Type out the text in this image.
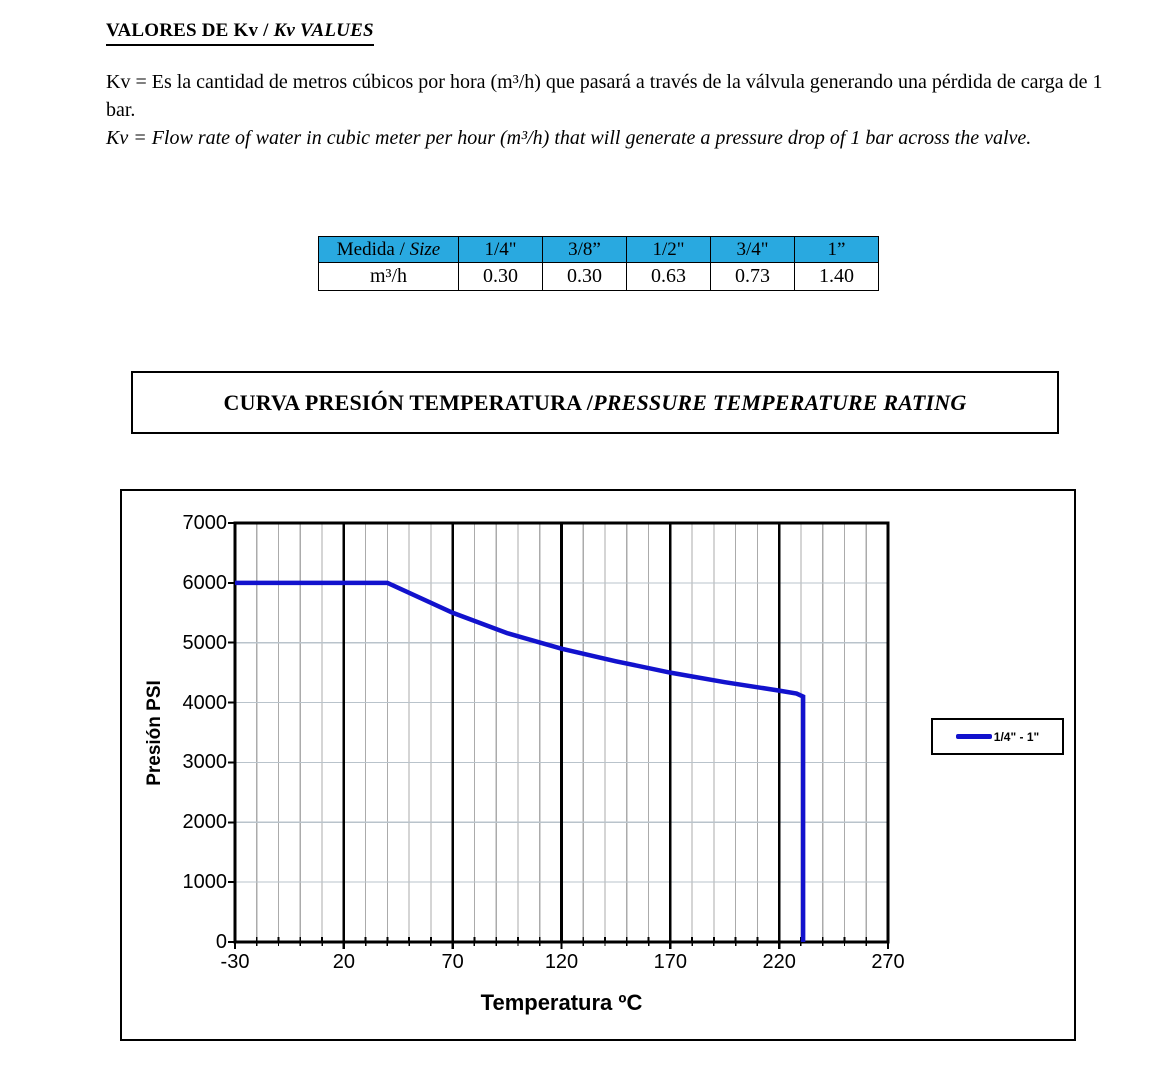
VALORES DE Kv / Kv VALUES

Kv = Es la cantidad de metros cúbicos por hora (m³/h) que pasará a través de la válvula generando una pérdida de carga de 1 bar.

Kv = Flow rate of water in cubic meter per hour (m³/h) that will generate a pressure drop of 1 bar across the valve.

Medida / Size	1/4"	3/8”	1/2"	3/4"	1”
m³/h	0.30	0.30	0.63	0.73	1.40
CURVA PRESIÓN TEMPERATURA / PRESSURE TEMPERATURE RATING
Presión PSI
Temperatura ºC
1/4" - 1"
0
1000
2000
3000
4000
5000
6000
7000
-30	20	70	120	170	220	270
